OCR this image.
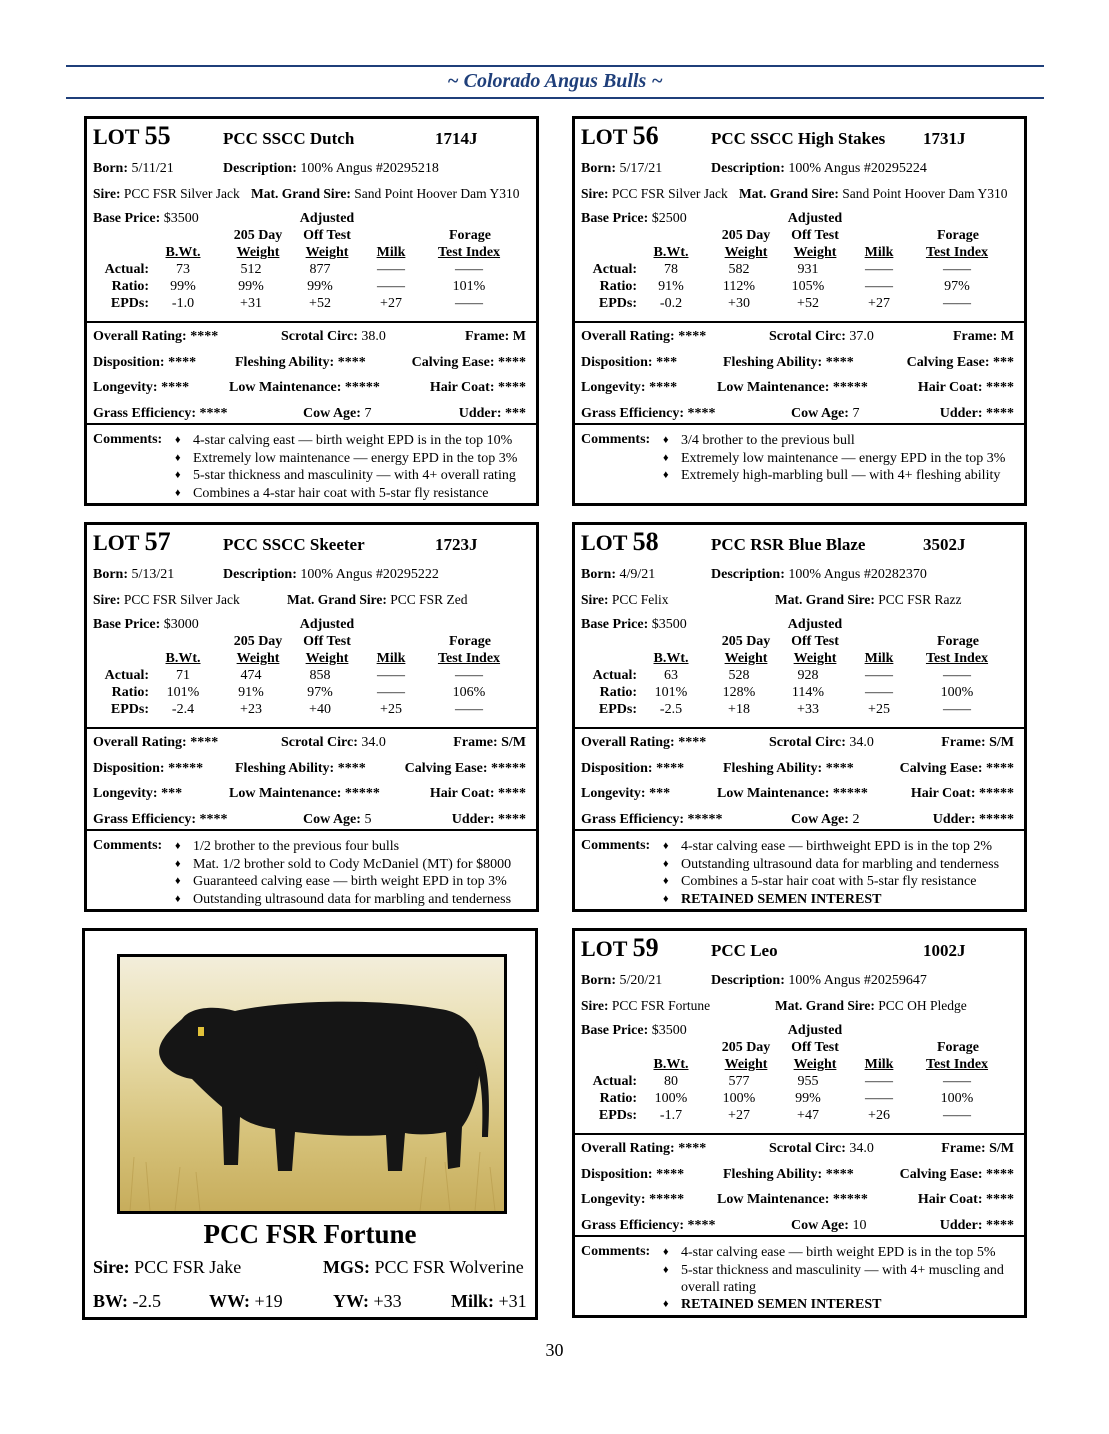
~ Colorado Angus Bulls ~
LOT 55	PCC SSCC Dutch	1714J
Born: 5/11/21	Description: 100% Angus #20295218
Sire: PCC FSR Silver Jack Mat. Grand Sire: Sand Point Hoover Dam Y310
Base Price: $3500	Adjusted
205 Day	Off Test	Forage
B.Wt.	Weight	Weight	Milk	Test Index
Actual:	73	512	877	——	——
Ratio:	99%	99%	99%	——	101%
EPDs:	-1.0	+31	+52	+27	——
Overall Rating: ****	Scrotal Circ: 38.0	Frame: M
Disposition: ****	Fleshing Ability: ****	Calving Ease: ****
Longevity: ****	Low Maintenance: *****	Hair Coat: ****
Grass Efficiency: ****	Cow Age: 7	Udder: ***
Comments: ♦ 4-star calving east — birth weight EPD is in the top 10%
♦ Extremely low maintenance — energy EPD in the top 3%
♦ 5-star thickness and masculinity — with 4+ overall rating
♦ Combines a 4-star hair coat with 5-star fly resistance
LOT 56	PCC SSCC High Stakes 1731J
Born: 5/17/21	Description: 100% Angus #20295224
Sire: PCC FSR Silver Jack Mat. Grand Sire: Sand Point Hoover Dam Y310
Base Price: $2500	Adjusted
205 Day	Off Test	Forage
B.Wt.	Weight	Weight	Milk	Test Index
Actual:	78	582	931	——	——
Ratio:	91%	112%	105%	——	97%
EPDs:	-0.2	+30	+52	+27	——
Overall Rating: ****	Scrotal Circ: 37.0	Frame: M
Disposition: ***	Fleshing Ability: ****	Calving Ease: ***
Longevity: ****	Low Maintenance: *****	Hair Coat: ****
Grass Efficiency: ****	Cow Age: 7	Udder: ****
Comments: ♦ 3/4 brother to the previous bull
♦ Extremely low maintenance — energy EPD in the top 3%
♦ Extremely high-marbling bull — with 4+ fleshing ability
LOT 57	PCC SSCC Skeeter	1723J
Born: 5/13/21	Description: 100% Angus #20295222
Sire: PCC FSR Silver Jack	Mat. Grand Sire: PCC FSR Zed
Base Price: $3000	Adjusted
205 Day	Off Test	Forage
B.Wt.	Weight	Weight	Milk	Test Index
Actual:	71	474	858	——	——
Ratio:	101%	91%	97%	——	106%
EPDs:	-2.4	+23	+40	+25	——
Overall Rating: ****	Scrotal Circ: 34.0	Frame: S/M
Disposition: ***** Fleshing Ability: ****	Calving Ease: *****
Longevity: ***	Low Maintenance: *****	Hair Coat: ****
Grass Efficiency: ****	Cow Age: 5	Udder: ****
Comments: ♦ 1/2 brother to the previous four bulls
♦ Mat. 1/2 brother sold to Cody McDaniel (MT) for $8000
♦ Guaranteed calving ease — birth weight EPD in top 3%
♦ Outstanding ultrasound data for marbling and tenderness
LOT 58	PCC RSR Blue Blaze	3502J
Born: 4/9/21	Description: 100% Angus #20282370
Sire: PCC Felix	Mat. Grand Sire: PCC FSR Razz
Base Price: $3500	Adjusted
205 Day	Off Test	Forage
B.Wt.	Weight	Weight	Milk	Test Index
Actual:	63	528	928	——	——
Ratio:	101%	128%	114%	——	100%
EPDs:	-2.5	+18	+33	+25	——
Overall Rating: ****	Scrotal Circ: 34.0	Frame: S/M
Disposition: ****	Fleshing Ability: ****	Calving Ease: ****
Longevity: ***	Low Maintenance: *****	Hair Coat: *****
Grass Efficiency: *****	Cow Age: 2	Udder: *****
Comments: ♦ 4-star calving ease — birthweight EPD is in the top 2%
♦ Outstanding ultrasound data for marbling and tenderness
♦ Combines a 5-star hair coat with 5-star fly resistance
♦ RETAINED SEMEN INTEREST
LOT 59	PCC Leo	1002J
Born: 5/20/21	Description: 100% Angus #20259647
Sire: PCC FSR Fortune	Mat. Grand Sire: PCC OH Pledge
Base Price: $3500	Adjusted
205 Day	Off Test	Forage
B.Wt.	Weight	Weight	Milk	Test Index
Actual:	80	577	955	——	——
Ratio:	100%	100%	99%	——	100%
EPDs:	-1.7	+27	+47	+26	——
Overall Rating: ****	Scrotal Circ: 34.0	Frame: S/M
Disposition: ****	Fleshing Ability: ****	Calving Ease: ****
Longevity: ***** Low Maintenance: *****	Hair Coat: ****
Grass Efficiency: ****	Cow Age: 10	Udder: ****
Comments: ♦ 4-star calving ease — birth weight EPD is in the top 5%
♦ 5-star thickness and masculinity — with 4+ muscling and overall rating
♦ RETAINED SEMEN INTEREST
PCC FSR Fortune
Sire: PCC FSR Jake	MGS: PCC FSR Wolverine
BW: -2.5	WW: +19	YW: +33	Milk: +31
30
